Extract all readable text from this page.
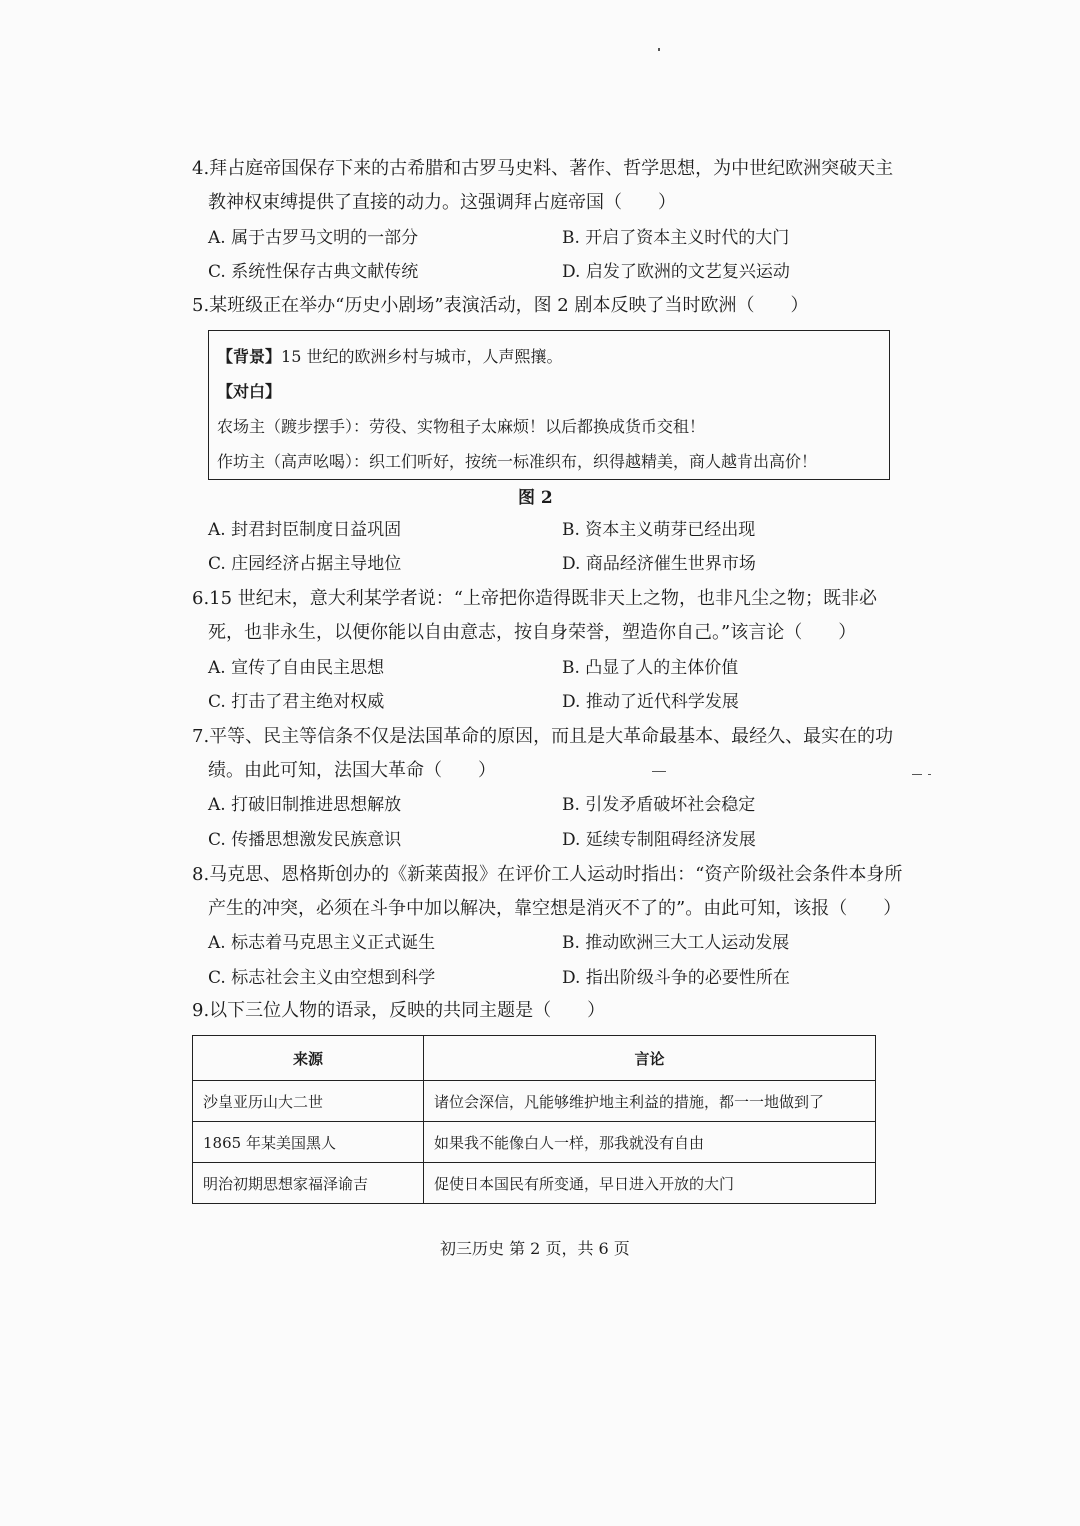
4.拜占庭帝国保存下来的古希腊和古罗马史料、著作、哲学思想，为中世纪欧洲突破天主
教神权束缚提供了直接的动力。这强调拜占庭帝国（　　）
A. 属于古罗马文明的一部分	B. 开启了资本主义时代的大门
C. 系统性保存古典文献传统	D. 启发了欧洲的文艺复兴运动
5.某班级正在举办“历史小剧场”表演活动，图 2 剧本反映了当时欧洲（　　）
【背景】15 世纪的欧洲乡村与城市，人声熙攘。
【对白】
农场主（踱步摆手）：劳役、实物租子太麻烦！以后都换成货币交租！
作坊主（高声吆喝）：织工们听好，按统一标准织布，织得越精美，商人越肯出高价！
图 2
A. 封君封臣制度日益巩固	B. 资本主义萌芽已经出现
C. 庄园经济占据主导地位	D. 商品经济催生世界市场
6.15 世纪末，意大利某学者说：“上帝把你造得既非天上之物，也非凡尘之物；既非必
死，也非永生，以便你能以自由意志，按自身荣誉，塑造你自己。”该言论（　　）
A. 宣传了自由民主思想	B. 凸显了人的主体价值
C. 打击了君主绝对权威	D. 推动了近代科学发展
7.平等、民主等信条不仅是法国革命的原因，而且是大革命最基本、最经久、最实在的功
绩。由此可知，法国大革命（　　）
A. 打破旧制推进思想解放	B. 引发矛盾破坏社会稳定
C. 传播思想激发民族意识	D. 延续专制阻碍经济发展
8.马克思、恩格斯创办的《新莱茵报》在评价工人运动时指出：“资产阶级社会条件本身所
产生的冲突，必须在斗争中加以解决，靠空想是消灭不了的”。由此可知，该报（　　）
A. 标志着马克思主义正式诞生	B. 推动欧洲三大工人运动发展
C. 标志社会主义由空想到科学	D. 指出阶级斗争的必要性所在
9.以下三位人物的语录，反映的共同主题是（　　）
来源	言论
沙皇亚历山大二世	诸位会深信，凡能够维护地主利益的措施，都一一地做到了
1865 年某美国黑人	如果我不能像白人一样，那我就没有自由
明治初期思想家福泽谕吉	促使日本国民有所变通，早日进入开放的大门
初三历史 第 2 页，共 6 页
